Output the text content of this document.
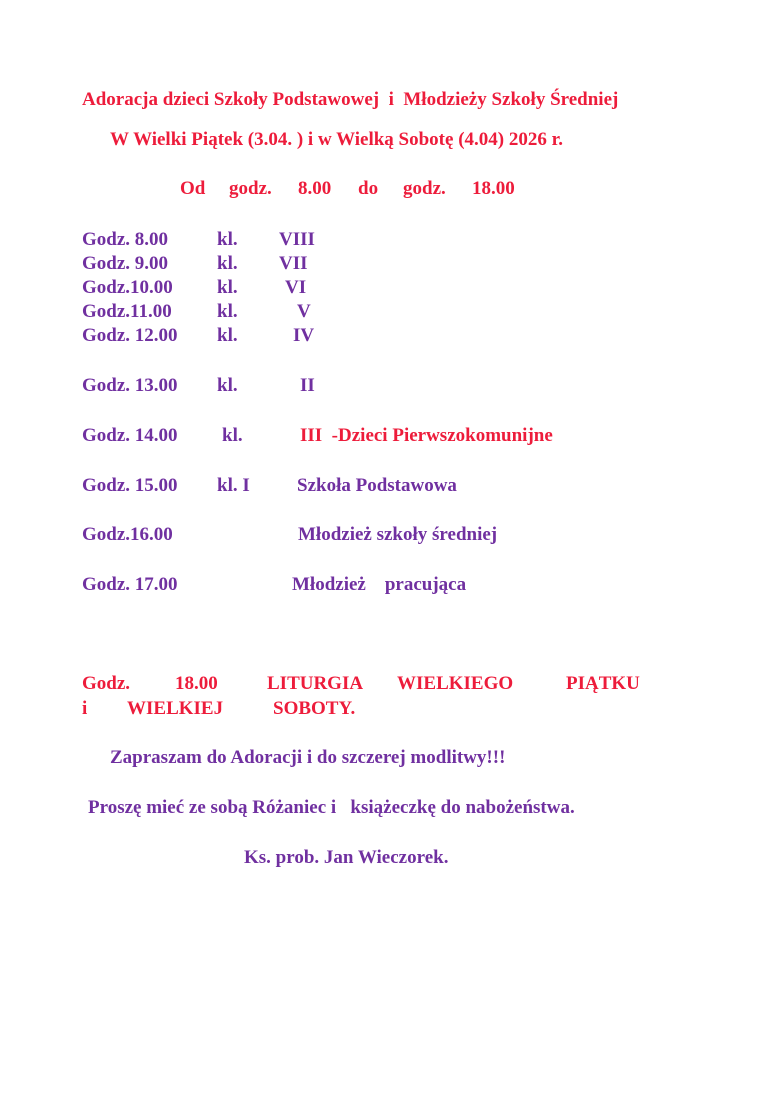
Adoracja dzieci Szkoły Podstawowej  i  Młodzieży Szkoły Średniej
W Wielki Piątek (3.04. ) i w Wielką Sobotę (4.04) 2026 r.
Od godz. 8.00 do godz. 18.00
Godz. 8.00	kl. VIII
Godz. 9.00	kl. VII
Godz.10.00 kl. VI
Godz.11.00 kl.	V
Godz. 12.00 kl.	IV
Godz. 13.00 kl.	II
Godz. 14.00 kl.	III  -Dzieci Pierwszokomunijne
Godz. 15.00 kl. I Szkoła Podstawowa
Godz.16.00	Młodzież szkoły średniej
Godz. 17.00	Młodzież    pracująca
Godz. 18.00	LITURGIA WIELKIEGO	PIĄTKU
i WIELKIEJ	SOBOTY.
Zapraszam do Adoracji i do szczerej modlitwy!!!
Proszę mieć ze sobą Różaniec i   książeczkę do nabożeństwa.
Ks. prob. Jan Wieczorek.
